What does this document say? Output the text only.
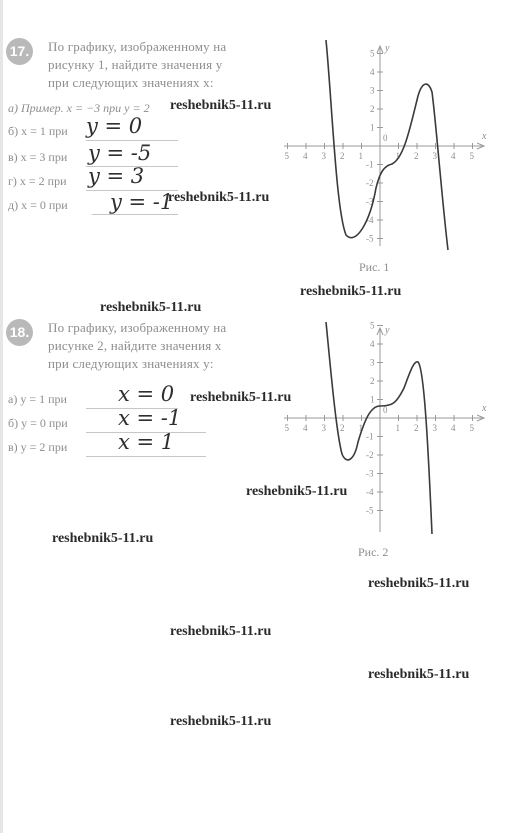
17. По графику, изображенному на
рисунку 1, найдите значения y
при следующих значениях x:
а) Пример. x = −3 при y = 2
б) x = 1 при y = 0
в) x = 3 при y = -5
г) x = 2 при y = 3
д) x = 0 при y = -1
5 4 3 2 1	1 2 3 4 5
5
4
3
2
1
-1
-2
-3
-4
-5
x
y
0
Рис. 1
18. По графику, изображенному на
рисунке 2, найдите значения x
при следующих значениях y:
а) y = 1 при x = 0
б) y = 0 при x = -1
в) y = 2 при x = 1
5 4 3 2 1	1 2 3 4 5
5
4
3
2
1
-1
-2
-3
-4
-5
x
y
0
Рис. 2
reshebnik5-11.ru
reshebnik5-11.ru
reshebnik5-11.ru
reshebnik5-11.ru
reshebnik5-11.ru
reshebnik5-11.ru
reshebnik5-11.ru
reshebnik5-11.ru
reshebnik5-11.ru
reshebnik5-11.ru
reshebnik5-11.ru
